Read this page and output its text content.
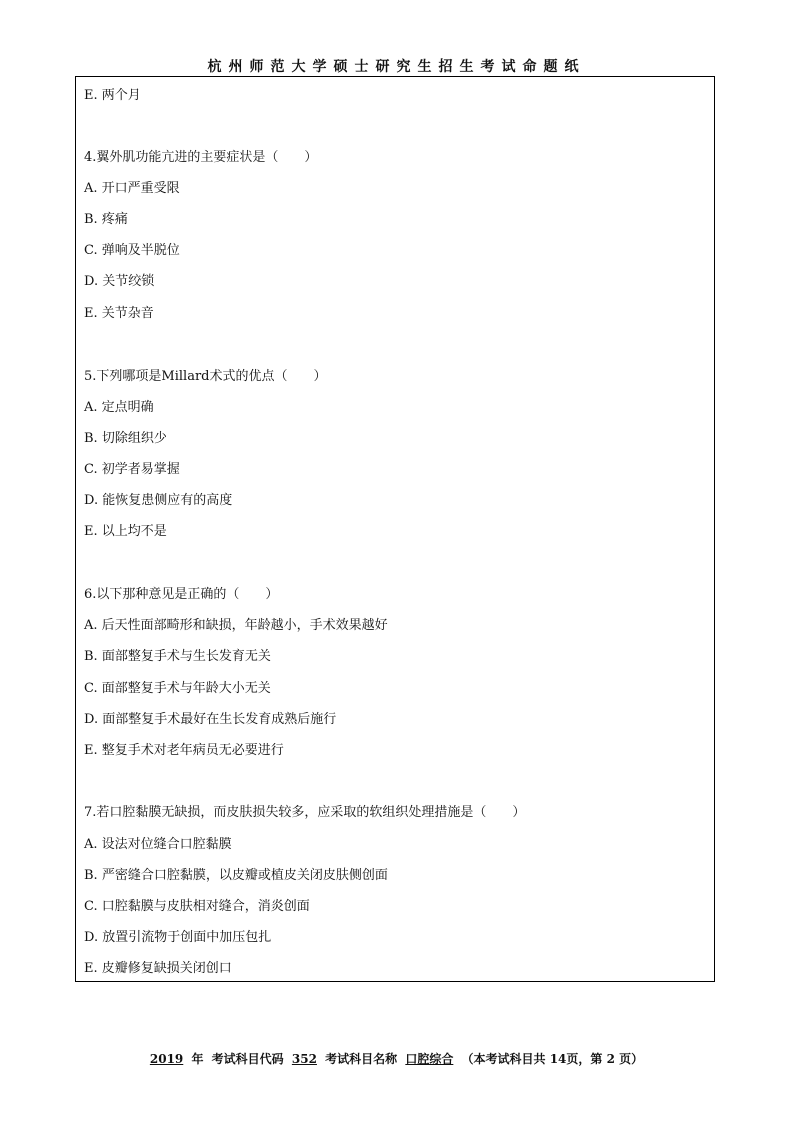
杭州师范大学硕士研究生招生考试命题纸
E. 两个月
4.翼外肌功能亢进的主要症状是（　　）
A. 开口严重受限
B. 疼痛
C. 弹响及半脱位
D. 关节绞锁
E. 关节杂音
5.下列哪项是Millard术式的优点（　　）
A. 定点明确
B. 切除组织少
C. 初学者易掌握
D. 能恢复患侧应有的高度
E. 以上均不是
6.以下那种意见是正确的（　　）
A. 后天性面部畸形和缺损，年龄越小，手术效果越好
B. 面部整复手术与生长发育无关
C. 面部整复手术与年龄大小无关
D. 面部整复手术最好在生长发育成熟后施行
E. 整复手术对老年病员无必要进行
7.若口腔黏膜无缺损，而皮肤损失较多，应采取的软组织处理措施是（　　）
A. 设法对位缝合口腔黏膜
B. 严密缝合口腔黏膜，以皮瓣或植皮关闭皮肤侧创面
C. 口腔黏膜与皮肤相对缝合，消炎创面
D. 放置引流物于创面中加压包扎
E. 皮瓣修复缺损关闭创口
2019 年 考试科目代码 352 考试科目名称 口腔综合 （本考试科目共 14页，第 2 页）
